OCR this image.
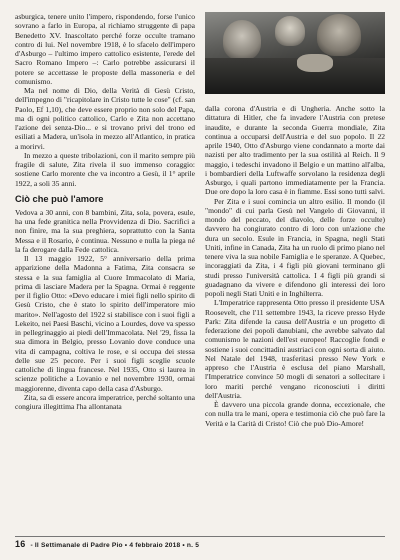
asburgica, tenere unito l'impero, rispondendo, forse l'unico sovrano a farlo in Europa, al richiamo struggente di papa Benedetto XV. Inascoltato perché forze occulte tramano contro di lui. Nel novembre 1918, è lo sfacelo dell'impero d'Asburgo – l'ultimo impero cattolico esistente, l'erede del Sacro Romano Impero –: Carlo potrebbe assicurarsi il potere se accettasse le proposte della massoneria e del comunismo.

Ma nel nome di Dio, della Verità di Gesù Cristo, dell'impegno di "ricapitolare in Cristo tutte le cose" (cf. san Paolo, Ef 1,10), che deve essere proprio non solo del Papa, ma di ogni politico cattolico, Carlo e Zita non accettano l'azione dei senza-Dio... e si trovano privi del trono ed esiliati a Madera, un'isola in mezzo all'Atlantico, in pratica a morirvi.

In mezzo a queste tribolazioni, con il marito sempre più fragile di salute, Zita rivela il suo immenso coraggio: sostiene Carlo morente che va incontro a Gesù, il 1° aprile 1922, a soli 35 anni.

Ciò che può l'amore

Vedova a 30 anni, con 8 bambini, Zita, sola, povera, esule, ha una fede granitica nella Provvidenza di Dio. Sacrifici a non finire, ma la sua preghiera, soprattutto con la Santa Messa e il Rosario, è continua. Nessuno e nulla la piega né la fa derogare dalla Fede cattolica.

Il 13 maggio 1922, 5° anniversario della prima apparizione della Madonna a Fatima, Zita consacra se stessa e la sua famiglia al Cuore Immacolato di Maria, prima di lasciare Madera per la Spagna. Ormai è reggente per il figlio Otto: «Devo educare i miei figli nello spirito di Gesù Cristo, che è stato lo spirito dell'imperatore mio marito». Nell'agosto del 1922 si stabilisce con i suoi figli a Lekeito, nei Paesi Baschi, vicino a Lourdes, dove va spesso in pellegrinaggio ai piedi dell'Immacolata. Nel '29, fissa la sua dimora in Belgio, presso Lovanio dove conduce una vita di campagna, coltiva le rose, e si occupa dei stessa delle sue 25 pecore. Per i suoi figli sceglie scuole cattoliche di lingua francese. Nel 1935, Otto si laurea in scienze politiche a Lovanio e nel novembre 1930, ormai maggiorenne, diventa capo della casa d'Asburgo.

Zita, sa di essere ancora imperatrice, perché soltanto una congiura illegittima l'ha allontanata

dalla corona d'Austria e di Ungheria. Anche sotto la dittatura di Hitler, che fa invadere l'Austria con pretese inaudite, e durante la seconda Guerra mondiale, Zita continua a occuparsi dell'Austria e del suo popolo. Il 22 aprile 1940, Otto d'Asburgo viene condannato a morte dai nazisti per alto tradimento per la sua ostilità al Reich. Il 9 maggio, i tedeschi invadono il Belgio e un mattino all'alba, i bombardieri della Luftwaffe sorvolano la residenza degli Asburgo, i quali partono immediatamente per la Francia. Due ore dopo la loro casa è in fiamme. Essi sono tutti salvi.

Per Zita e i suoi comincia un altro esilio. Il mondo (il "mondo" di cui parla Gesù nel Vangelo di Giovanni, il mondo del peccato, del diavolo, delle forze occulte) davvero ha congiurato contro di loro con un'azione che dura un secolo. Esule in Francia, in Spagna, negli Stati Uniti, infine in Canada, Zita ha un ruolo di primo piano nel tenere viva la sua nobile Famiglia e le speranze. A Quebec, incoraggiati da Zita, i 4 figli più giovani terminano gli studi presso l'università cattolica. I 4 figli più grandi si guadagnano da vivere e difendono gli interessi dei loro popoli negli Stati Uniti e in Inghilterra.

L'Imperatrice rappresenta Otto presso il presidente USA Roosevelt, che l'11 settembre 1943, la riceve presso Hyde Park: Zita difende la causa dell'Austria e un progetto di federazione dei popoli danubiani, che avrebbe salvato dal comunismo le nazioni dell'est europeo! Raccoglie fondi e sostiene i suoi concittadini austriaci con ogni sorta di aiuto. Nel Natale del 1948, trasferitasi presso New York e appreso che l'Austria è esclusa del piano Marshall, l'Imperatrice convince 50 mogli di senatori a sollecitare i loro mariti perché vengano riconosciuti i diritti dell'Austria.

È davvero una piccola grande donna, eccezionale, che con nulla tra le mani, opera e testimonia ciò che può fare la Verità e la Carità di Cristo! Ciò che può Dio-Amore!

16 - Il Settimanale di Padre Pio • 4 febbraio 2018 • n. 5
